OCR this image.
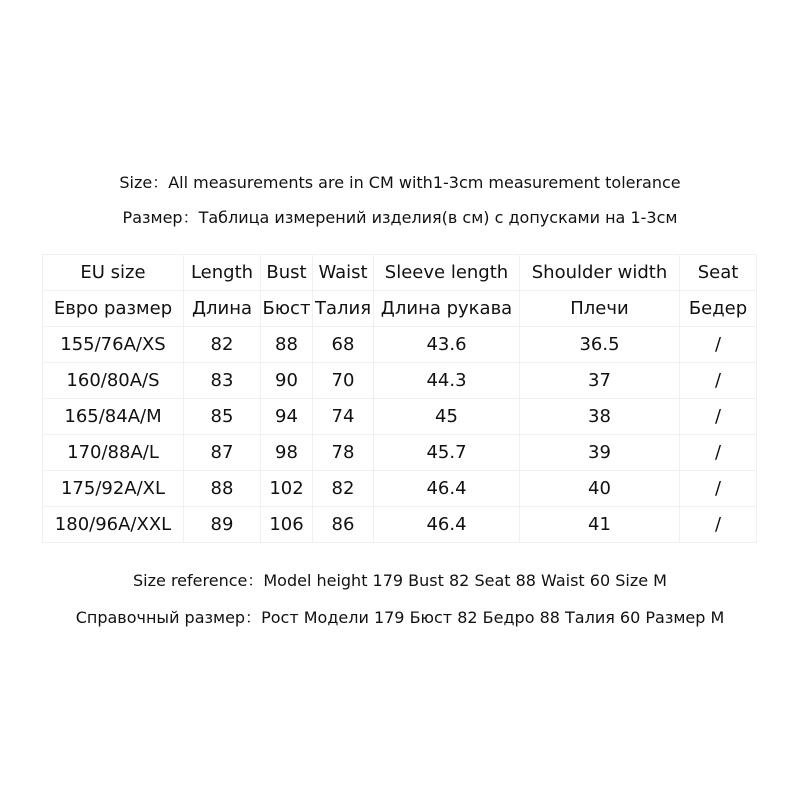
Size：All measurements are in CM with1-3cm measurement tolerance
Размер：Таблица измерений изделия(в см) с допусками на 1-3см
EU size	Length	Bust	Waist	Sleeve length	Shoulder width	Seat
Евро размер	Длина	Бюст	Талия	Длина рукава	Плечи	Бедер
155/76A/XS	82	88	68	43.6	36.5	/
160/80A/S	83	90	70	44.3	37	/
165/84A/M	85	94	74	45	38	/
170/88A/L	87	98	78	45.7	39	/
175/92A/XL	88	102	82	46.4	40	/
180/96A/XXL	89	106	86	46.4	41	/
Size reference：Model height 179 Bust 82 Seat 88 Waist 60 Size M
Справочный размер：Рост Модели 179 Бюст 82 Бедро 88 Талия 60 Размер М
